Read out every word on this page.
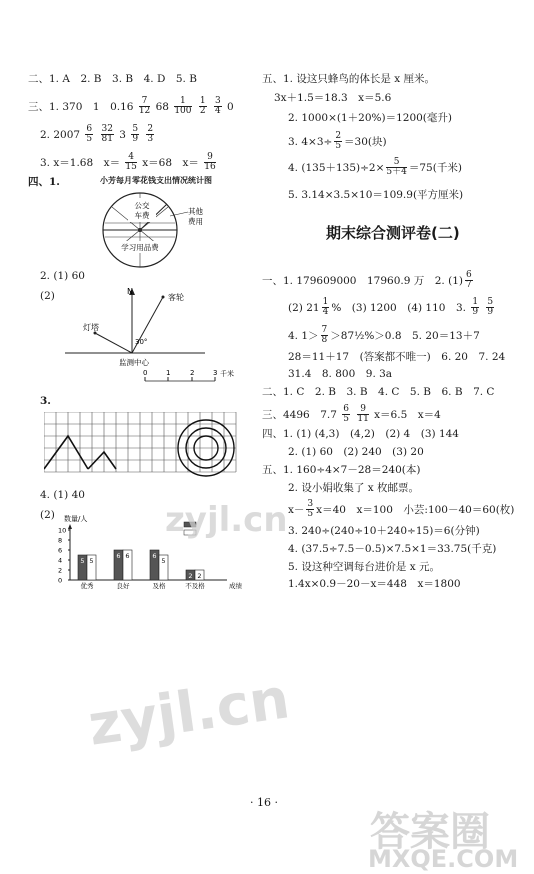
二、1. A　2. B　3. B　4. D　5. B
三、1. 370　1　$0.16 \frac{7}{12} 68 \frac{1}{100}$
$\frac{1}{2}$
$\frac{3}{4} 0$
2. $2007 \frac{6}{5}$
$\frac{32}{81} 3 \frac{5}{9}$
$\frac{2}{3}$
3. x＝1.68　$x= \frac{4}{15} x=68$　$x= \frac{9}{16}$
四、1.	小芳每月零花钱支出情况统计图
公交
车费
学习用品费
其他
费用
2. (1) 60
(2)	N
客轮
灯塔
30°
监测中心
0	1	2	3 千米
3.
4. (1) 40
(2) 数量/人
成绩
5 5
优秀
6 6
良好
6
5
及格
2 2
不及格
0
2
4
6
8
10
五、1. 设这只蜂鸟的体长是 x 厘米。
3x＋1.5＝18.3　x＝5.6
2. 1000×(1＋20%)＝1200(毫升)
3. $4\times 3\div \frac{2}{5} =30$(块)
4. $(135+135)\div 2\times \frac{5}{5+4} =75$(千米)
5. 3.14×3.5×10＝109.9(平方厘米)
期末综合测评卷(二)
一、1. 179609000　17960.9 万　2. $(1) \frac{6}{7}$
(2) $21 \frac{1}{4}$ %　(3) 1200　(4) 110　3. $\frac{1}{9}$
$\frac{5}{9}$
4. $1> \frac{7}{8}$ ＞87½%＞0.8　5. 20＝13＋7
28＝11＋17　(答案都不唯一)　6. 20　7. 24
31.4　8. 800　9. 3a
二、1. C　2. B　3. B　4. C　5. B　6. B　7. C
三、4496　$7.7 \frac{6}{5}$
$\frac{9}{11} x=6.5$　x＝4
四、1. (1) (4,3)　(4,2)　(2) 4　(3) 144
2. (1) 60　(2) 240　(3) 20
五、1. 160÷4×7－28＝240(本)
2. 设小娟收集了 x 枚邮票。
$x- \frac{3}{5} x=40$　x＝100　小芸:100－40＝60(枚)
3. 240÷(240÷10＋240÷15)＝6(分钟)
4. (37.5÷7.5－0.5)×7.5×1＝33.75(千克)
5. 设这种空调每台进价是 x 元。
1.4x×0.9－20－x＝448　x＝1800
· 16 ·
zyjl.cn
zyjl.cn
答案圈
MXQE.COM
